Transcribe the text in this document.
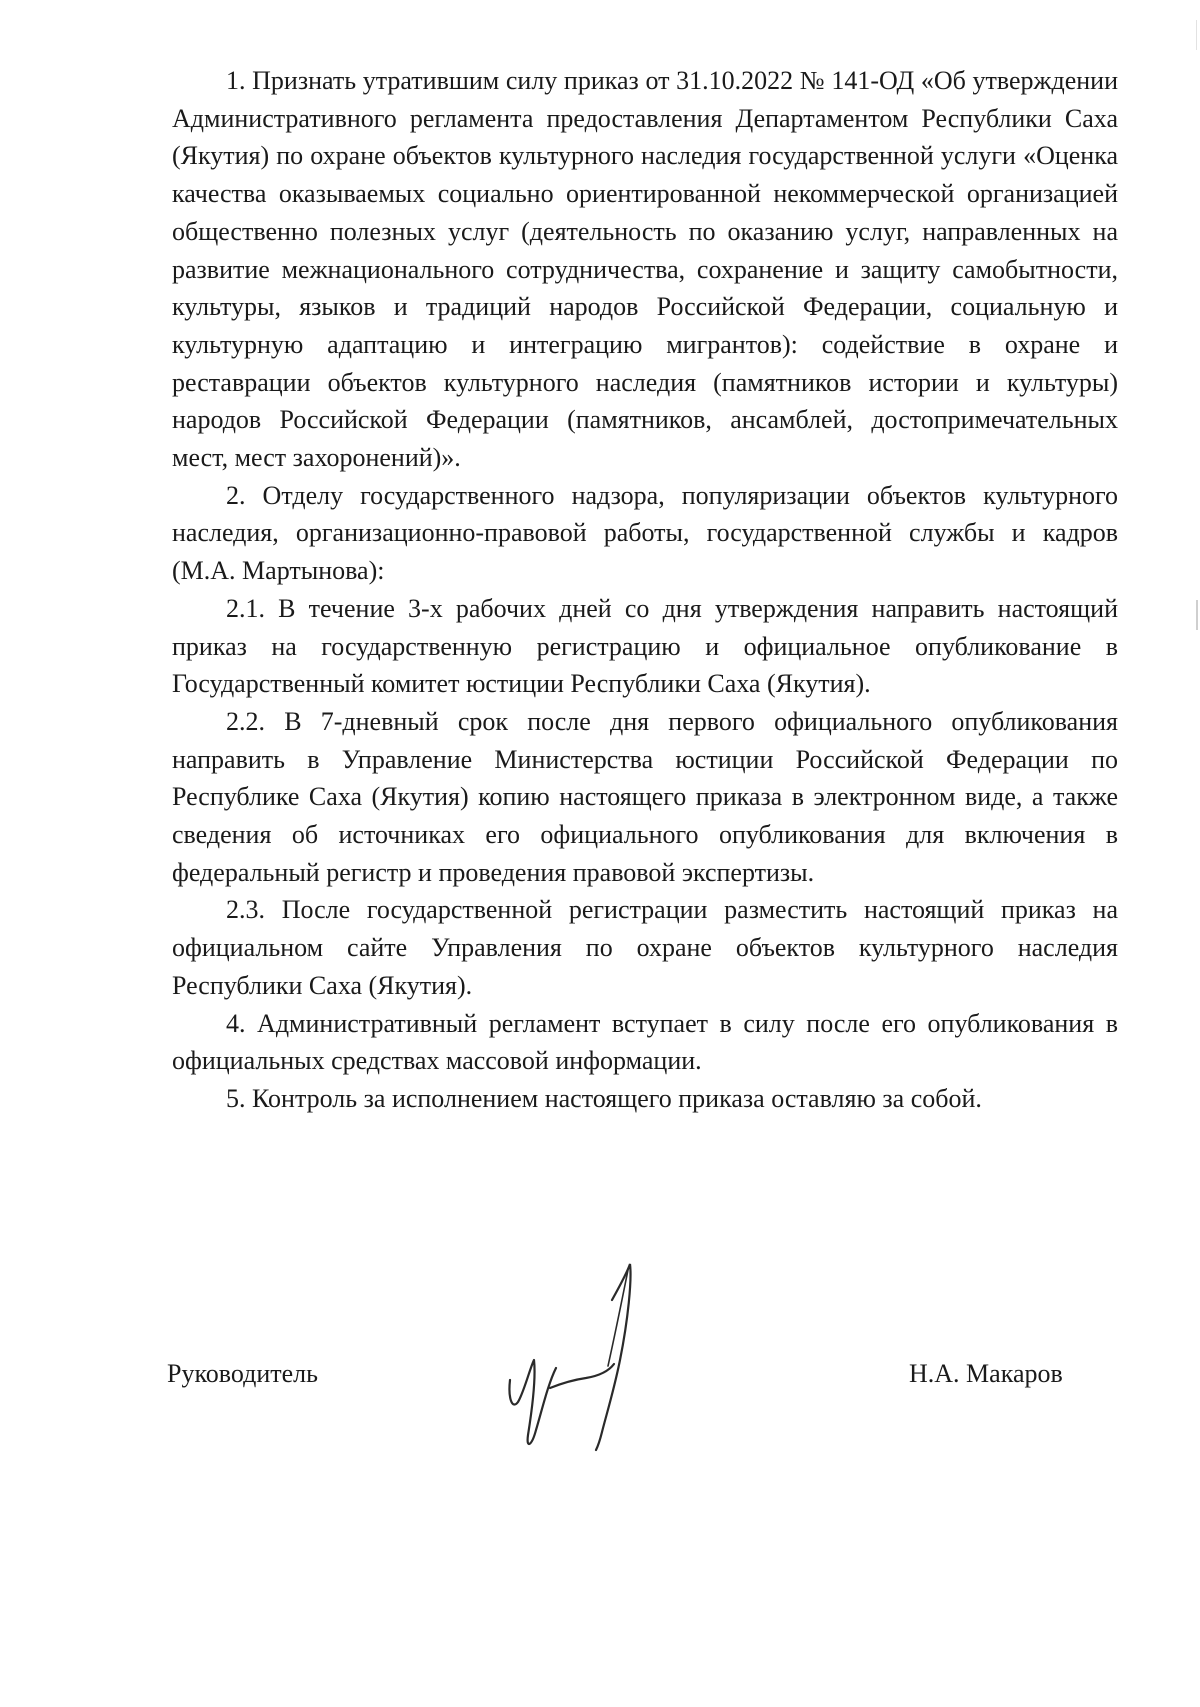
1. Признать утратившим силу приказ от 31.10.2022 № 141-ОД «Об утверждении Административного регламента предоставления Департаментом Республики Саха (Якутия) по охране объектов культурного наследия государственной услуги «Оценка качества оказываемых социально ориентированной некоммерческой организацией общественно полезных услуг (деятельность по оказанию услуг, направленных на развитие межнационального сотрудничества, сохранение и защиту самобытности, культуры, языков и традиций народов Российской Федерации, социальную и культурную адаптацию и интеграцию мигрантов): содействие в охране и реставрации объектов культурного наследия (памятников истории и культуры) народов Российской Федерации (памятников, ансамблей, достопримечательных мест, мест захоронений)».

2. Отделу государственного надзора, популяризации объектов культурного наследия, организационно-правовой работы, государственной службы и кадров (М.А. Мартынова):

2.1. В течение 3-х рабочих дней со дня утверждения направить настоящий приказ на государственную регистрацию и официальное опубликование в Государственный комитет юстиции Республики Саха (Якутия).

2.2. В 7-дневный срок после дня первого официального опубликования направить в Управление Министерства юстиции Российской Федерации по Республике Саха (Якутия) копию настоящего приказа в электронном виде, а также сведения об источниках его официального опубликования для включения в федеральный регистр и проведения правовой экспертизы.

2.3. После государственной регистрации разместить настоящий приказ на официальном сайте Управления по охране объектов культурного наследия Республики Саха (Якутия).

4. Административный регламент вступает в силу после его опубликования в официальных средствах массовой информации.

5. Контроль за исполнением настоящего приказа оставляю за собой.

Руководитель	Н.А. Макаров
